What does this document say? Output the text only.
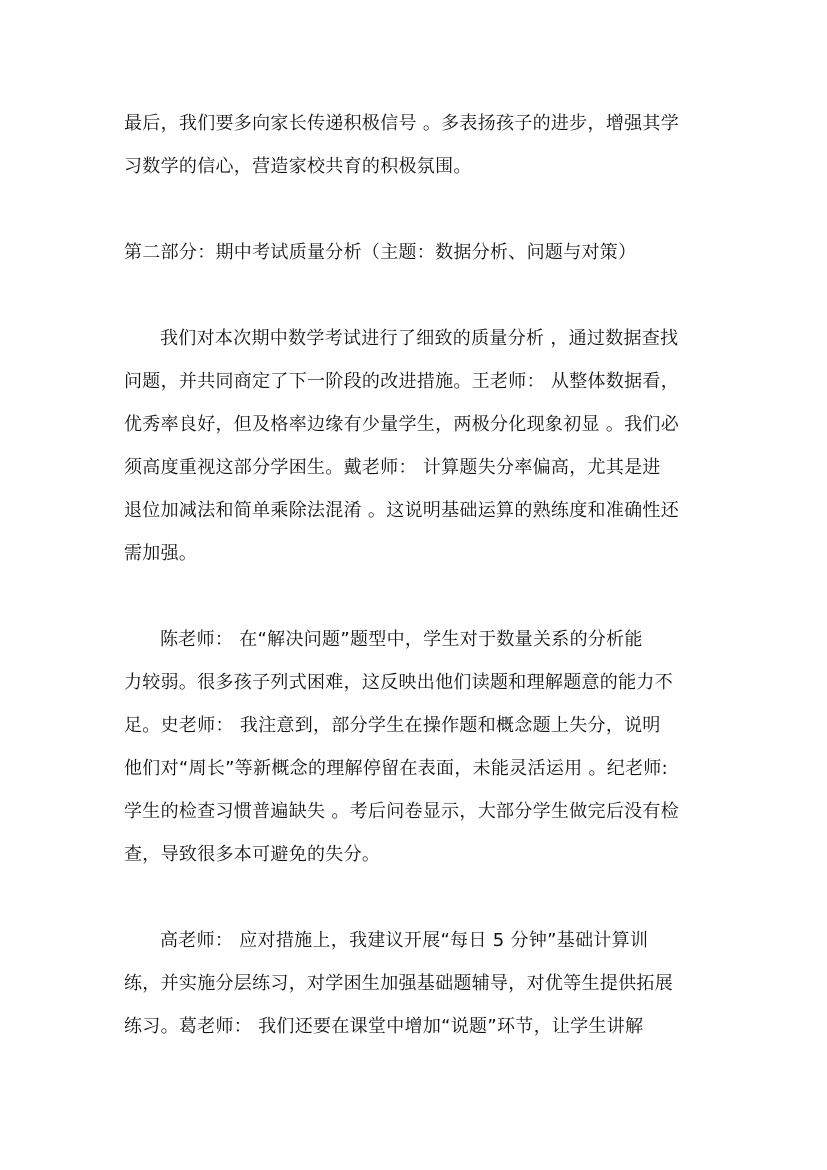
最后，我们要多向家长传递积极信号 。多表扬孩子的进步，增强其学
习数学的信心，营造家校共育的积极氛围。
第二部分：期中考试质量分析（主题：数据分析、问题与对策）
我们对本次期中数学考试进行了细致的质量分析 ，通过数据查找
问题，并共同商定了下一阶段的改进措施。王老师： 从整体数据看，
优秀率良好，但及格率边缘有少量学生，两极分化现象初显 。我们必
须高度重视这部分学困生。戴老师： 计算题失分率偏高，尤其是进
退位加减法和简单乘除法混淆 。这说明基础运算的熟练度和准确性还
需加强。
陈老师： 在“解决问题”题型中，学生对于数量关系的分析能
力较弱。很多孩子列式困难，这反映出他们读题和理解题意的能力不
足。史老师： 我注意到，部分学生在操作题和概念题上失分，说明
他们对“周长”等新概念的理解停留在表面，未能灵活运用 。纪老师:
学生的检查习惯普遍缺失 。考后问卷显示，大部分学生做完后没有检
查，导致很多本可避免的失分。
高老师： 应对措施上，我建议开展“每日 5 分钟”基础计算训
练，并实施分层练习，对学困生加强基础题辅导，对优等生提供拓展
练习。葛老师： 我们还要在课堂中增加“说题”环节，让学生讲解
